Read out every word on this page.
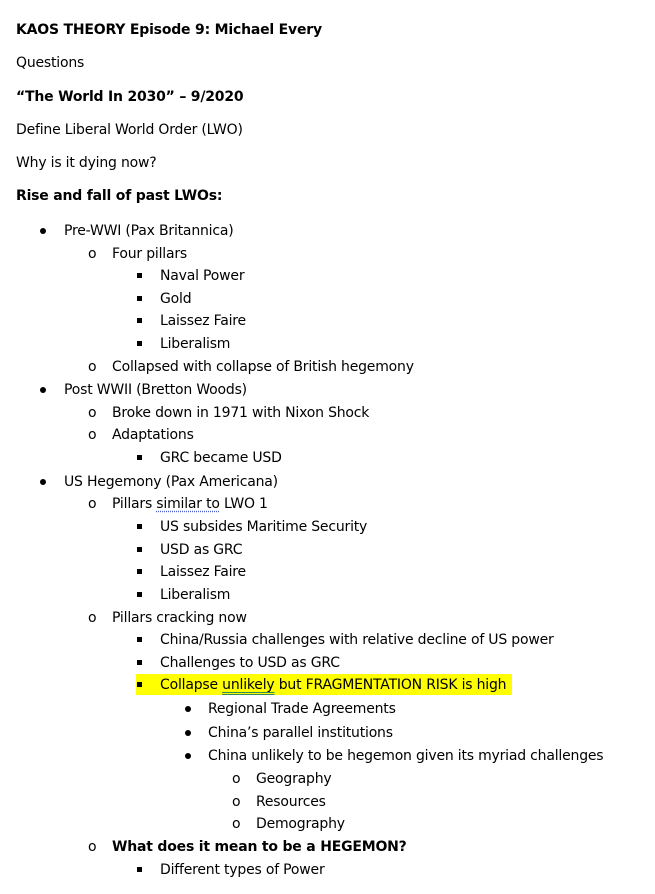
KAOS THEORY Episode 9: Michael Every
Questions
“The World In 2030” – 9/2020
Define Liberal World Order (LWO)
Why is it dying now?
Rise and fall of past LWOs:
Pre-WWI (Pax Britannica)
o Four pillars
Naval Power
Gold
Laissez Faire
Liberalism
o Collapsed with collapse of British hegemony
Post WWII (Bretton Woods)
o Broke down in 1971 with Nixon Shock
o Adaptations
GRC became USD
US Hegemony (Pax Americana)
o Pillars similar to LWO 1
US subsides Maritime Security
USD as GRC
Laissez Faire
Liberalism
o Pillars cracking now
China/Russia challenges with relative decline of US power
Challenges to USD as GRC
Collapse unlikely but FRAGMENTATION RISK is high
Regional Trade Agreements
China’s parallel institutions
China unlikely to be hegemon given its myriad challenges
o Geography
o Resources
o Demography
o What does it mean to be a HEGEMON?
Different types of Power
